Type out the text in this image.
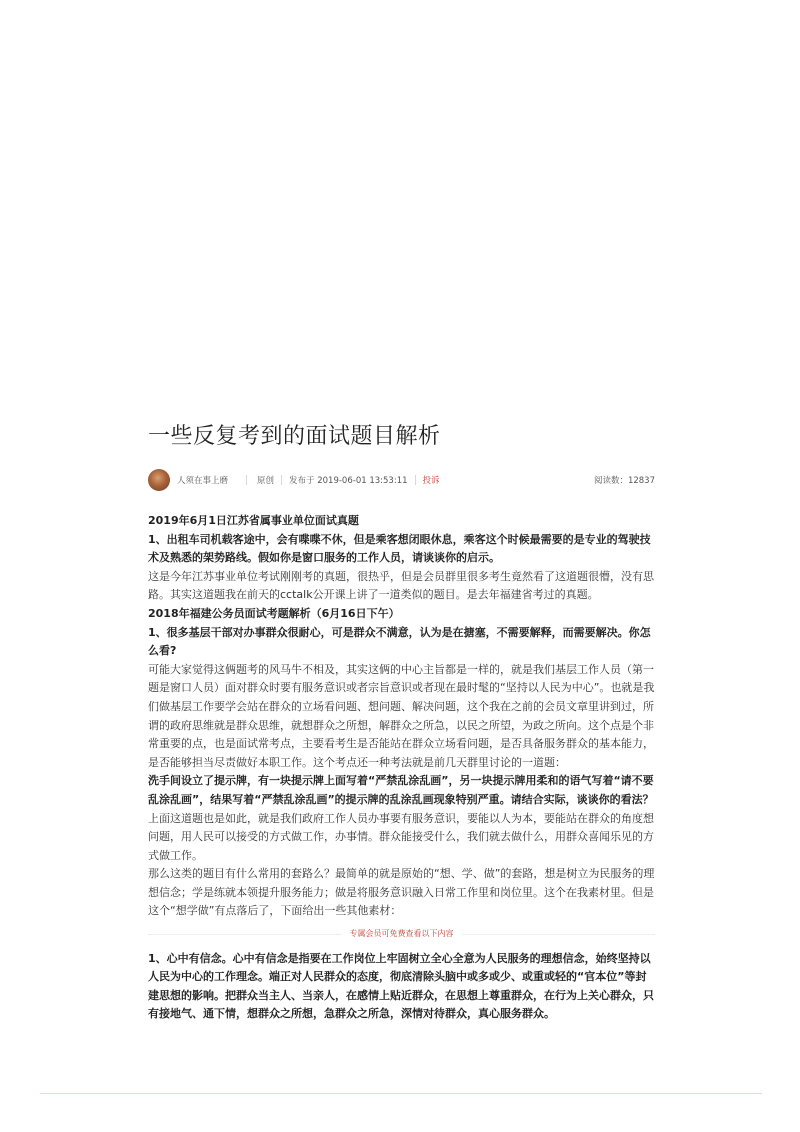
一些反复考到的面试题目解析
人须在事上磨	原创 发布于 2019-06-01 13:53:11 投诉	阅读数：12837

2019年6月1日江苏省属事业单位面试真题

1、出租车司机载客途中，会有喋喋不休，但是乘客想闭眼休息，乘客这个时候最需要的是专业的驾驶技术及熟悉的架势路线。假如你是窗口服务的工作人员，请谈谈你的启示。

这是今年江苏事业单位考试刚刚考的真题，很热乎，但是会员群里很多考生竟然看了这道题很懵，没有思路。其实这道题我在前天的cctalk公开课上讲了一道类似的题目。是去年福建省考过的真题。

2018年福建公务员面试考题解析（6月16日下午）

1、很多基层干部对办事群众很耐心，可是群众不满意，认为是在搪塞，不需要解释，而需要解决。你怎么看?

可能大家觉得这俩题考的风马牛不相及，其实这俩的中心主旨都是一样的，就是我们基层工作人员（第一题是窗口人员）面对群众时要有服务意识或者宗旨意识或者现在最时髦的“坚持以人民为中心”。也就是我们做基层工作要学会站在群众的立场看问题、想问题、解决问题，这个我在之前的会员文章里讲到过，所谓的政府思维就是群众思维，就想群众之所想，解群众之所急，以民之所望，为政之所向。这个点是个非常重要的点，也是面试常考点，主要看考生是否能站在群众立场看问题，是否具备服务群众的基本能力，是否能够担当尽责做好本职工作。这个考点还一种考法就是前几天群里讨论的一道题：

洗手间设立了提示牌，有一块提示牌上面写着“严禁乱涂乱画”，另一块提示牌用柔和的语气写着“请不要乱涂乱画”，结果写着“严禁乱涂乱画”的提示牌的乱涂乱画现象特别严重。请结合实际，谈谈你的看法？

上面这道题也是如此，就是我们政府工作人员办事要有服务意识，要能以人为本，要能站在群众的角度想问题，用人民可以接受的方式做工作，办事情。群众能接受什么，我们就去做什么，用群众喜闻乐见的方式做工作。

那么这类的题目有什么常用的套路么？最简单的就是原始的“想、学、做”的套路，想是树立为民服务的理想信念；学是练就本领提升服务能力；做是将服务意识融入日常工作里和岗位里。这个在我素材里。但是这个“想学做”有点落后了，下面给出一些其他素材：

专属会员可免费查看以下内容

1、心中有信念。心中有信念是指要在工作岗位上牢固树立全心全意为人民服务的理想信念，始终坚持以人民为中心的工作理念。端正对人民群众的态度，彻底清除头脑中或多或少、或重或轻的“官本位”等封建思想的影响。把群众当主人、当亲人，在感情上贴近群众，在思想上尊重群众，在行为上关心群众，只有接地气、通下情，想群众之所想，急群众之所急，深情对待群众，真心服务群众。
